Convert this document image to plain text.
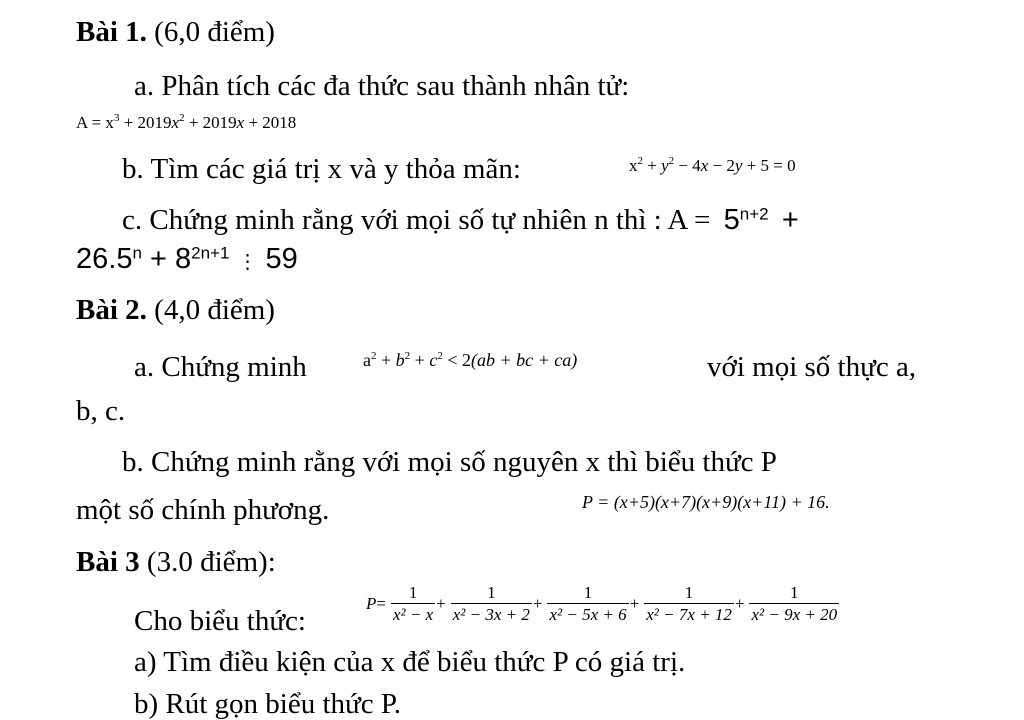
Bài 1. (6,0 điểm)
a. Phân tích các đa thức sau thành nhân tử:
$A = x^3 + 2019x^2 + 2019x + 2018$
b. Tìm các giá trị x và y thỏa mãn:	$x^2 + y^2 - 4x - 2y + 5 = 0$
c. Chứng minh rằng với mọi số tự nhiên n thì : $A = 5^{n+2}$ +
$26.5^n + 8^{2n+1}$ ⋮ 59
Bài 2. (4,0 điểm)
a. Chứng minh	$a^2 + b^2 + c^2 < 2(ab$ + bc + ca)	với mọi số thực a,
b, c.
b. Chứng minh rằng với mọi số nguyên x thì biểu thức P
một số chính phương.	P = (x+5)(x+7)(x+9)(x+11) + 16.
Bài 3 (3.0 điểm):
Cho biểu thức:
$P= \frac{1}{\text{x² − x}} + \frac{1}{\text{x² − 3x + 2}} + \frac{1}{\text{x² − 5x + 6}} + \frac{1}{\text{x² − 7x + 12}} + \frac{1}{\text{x² − 9x + 20}}$
a) Tìm điều kiện của x để biểu thức P có giá trị.
b) Rút gọn biểu thức P.
